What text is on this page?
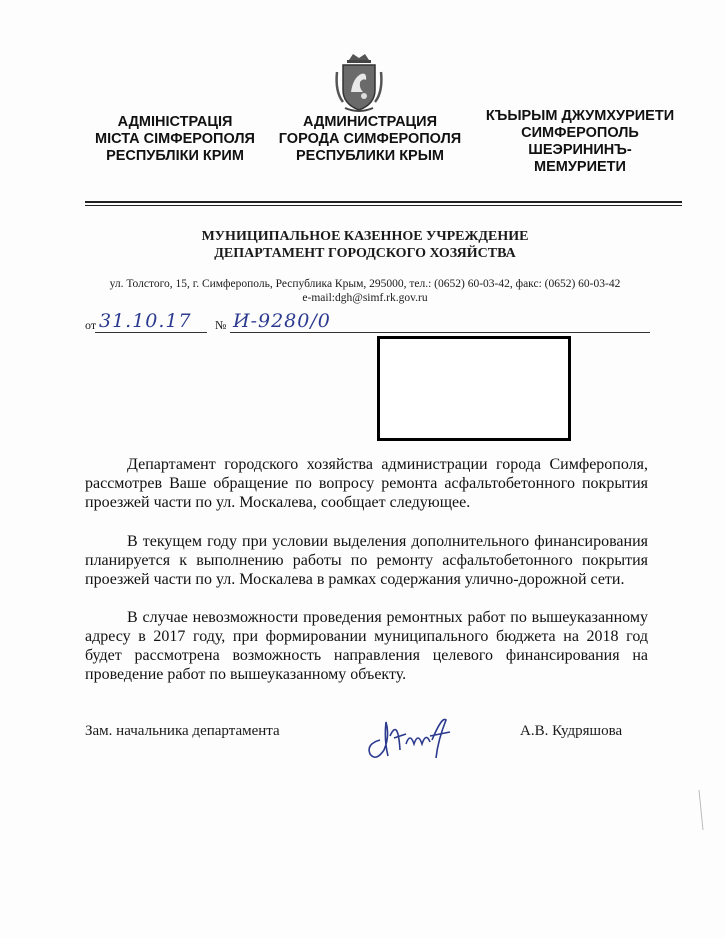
АДМІНІСТРАЦІЯ
МІСТА СІМФЕРОПОЛЯ
РЕСПУБЛІКИ КРИМ
АДМИНИСТРАЦИЯ
ГОРОДА СИМФЕРОПОЛЯ
РЕСПУБЛИКИ КРЫМ
КЪЫРЫМ ДЖУМХУРИЕТИ
СИМФЕРОПОЛЬ
ШЕЭРИНИНЪ-
МЕМУРИЕТИ
МУНИЦИПАЛЬНОЕ КАЗЕННОЕ УЧРЕЖДЕНИЕ
ДЕПАРТАМЕНТ ГОРОДСКОГО ХОЗЯЙСТВА
ул. Толстого, 15, г. Симферополь, Республика Крым, 295000, тел.: (0652) 60-03-42, факс: (0652) 60-03-42
e-mail:dgh@simf.rk.gov.ru
от 31.10.17 № И-9280/0

Департамент городского хозяйства администрации города Симферополя, рассмотрев Ваше обращение по вопросу ремонта асфальтобетонного покрытия проезжей части по ул. Москалева, сообщает следующее.

В текущем году при условии выделения дополнительного финансирования планируется к выполнению работы по ремонту асфальтобетонного покрытия проезжей части по ул. Москалева в рамках содержания улично-дорожной сети.

В случае невозможности проведения ремонтных работ по вышеуказанному адресу в 2017 году, при формировании муниципального бюджета на 2018 год будет рассмотрена возможность направления целевого финансирования на проведение работ по вышеуказанному объекту.

Зам. начальника департамента	А.В. Кудряшова
